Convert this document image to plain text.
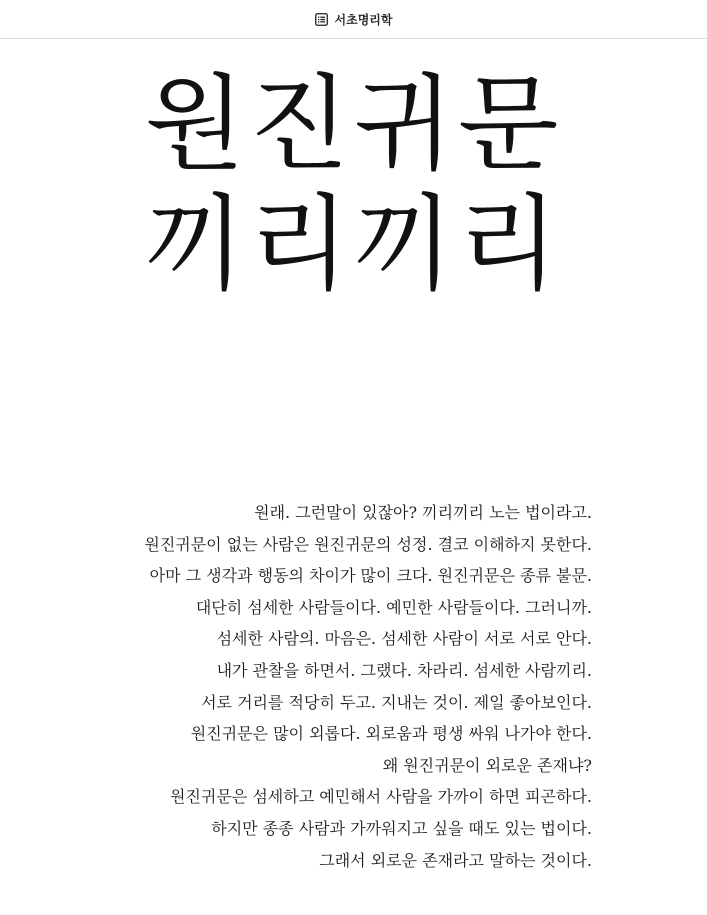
서초명리학
원진귀문
끼리끼리

원래. 그런말이 있잖아? 끼리끼리 노는 법이라고.

원진귀문이 없는 사람은 원진귀문의 성정. 결코 이해하지 못한다.

아마 그 생각과 행동의 차이가 많이 크다. 원진귀문은 종류 불문.

대단히 섬세한 사람들이다. 예민한 사람들이다. 그러니까.

섬세한 사람의. 마음은. 섬세한 사람이 서로 서로 안다.

내가 관찰을 하면서. 그랬다. 차라리. 섬세한 사람끼리.

서로 거리를 적당히 두고. 지내는 것이. 제일 좋아보인다.

원진귀문은 많이 외롭다. 외로움과 평생 싸워 나가야 한다.

왜 원진귀문이 외로운 존재냐?

원진귀문은 섬세하고 예민해서 사람을 가까이 하면 피곤하다.

하지만 종종 사람과 가까워지고 싶을 때도 있는 법이다.

그래서 외로운 존재라고 말하는 것이다.
